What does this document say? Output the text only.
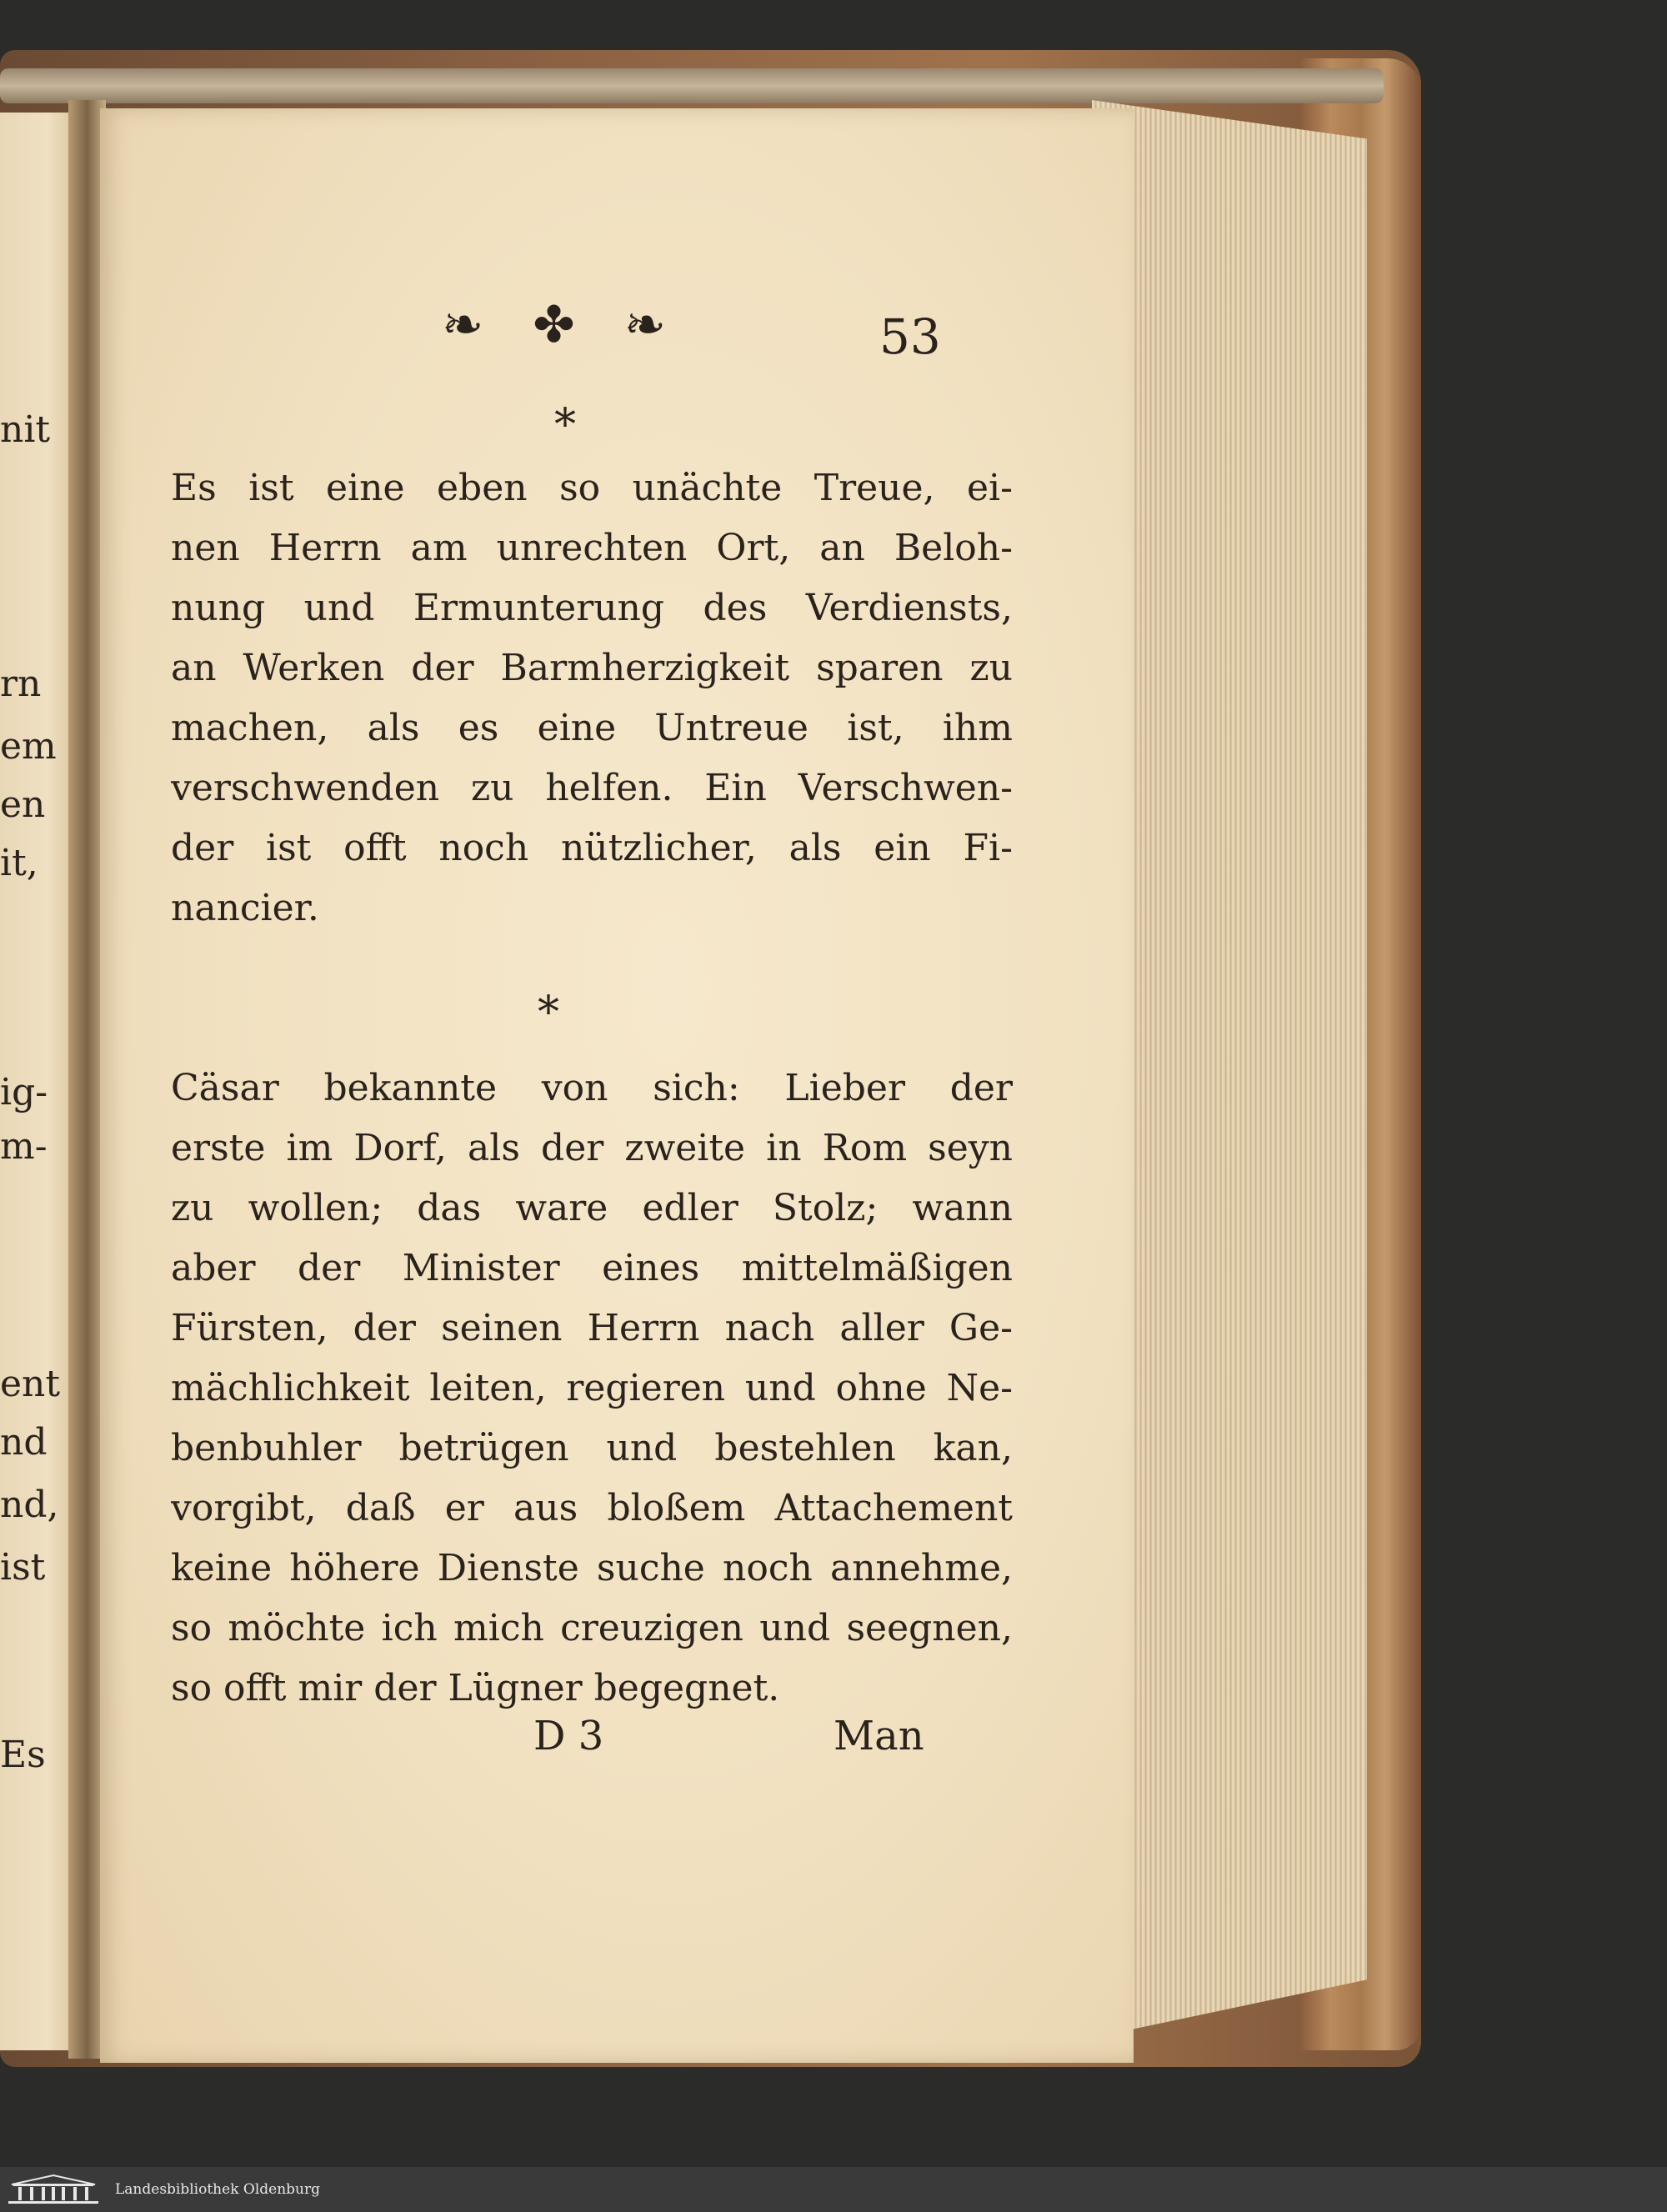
nit
rn
em
en
it,
ig-
m-
ent
nd
nd,
ist
Es
❧ ✤ ❧	53
*

Es ist eine eben so unächte Treue, ei-
nen Herrn am unrechten Ort, an Beloh-
nung und Ermunterung des Verdiensts,
an Werken der Barmherzigkeit sparen zu
machen, als es eine Untreue ist, ihm
verschwenden zu helfen. Ein Verschwen-
der ist offt noch nützlicher, als ein Fi-
nancier.

*

Cäsar bekannte von sich: Lieber der
erste im Dorf, als der zweite in Rom seyn
zu wollen; das ware edler Stolz; wann
aber der Minister eines mittelmäßigen
Fürsten, der seinen Herrn nach aller Ge-
mächlichkeit leiten, regieren und ohne Ne-
benbuhler betrügen und bestehlen kan,
vorgibt, daß er aus bloßem Attachement
keine höhere Dienste suche noch annehme,
so möchte ich mich creuzigen und seegnen,
so offt mir der Lügner begegnet.

D 3	Man
Landesbibliothek Oldenburg
